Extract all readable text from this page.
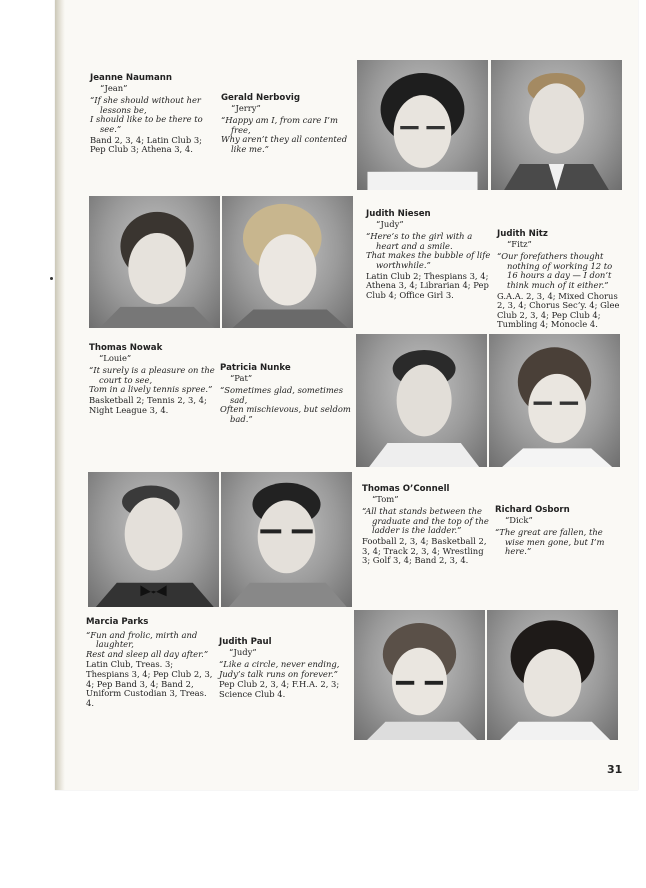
Jeanne Naumann
“Jean”
“If she should without her lessons be,
I should like to be there to see.”
Band 2, 3, 4; Latin Club 3; Pep Club 3; Athena 3, 4.
Gerald Nerbovig
“Jerry”
“Happy am I, from care I’m free,
Why aren’t they all contented like me.”
Judith Niesen
“Judy”
“Here’s to the girl with a heart and a smile.
That makes the bubble of life worthwhile.”
Latin Club 2; Thespians 3, 4; Athena 3, 4; Librarian 4; Pep Club 4; Office Girl 3.
Judith Nitz
“Fitz”
“Our forefathers thought nothing of working 12 to 16 hours a day — I don’t think much of it either.”
G.A.A. 2, 3, 4; Mixed Chorus 2, 3, 4; Chorus Sec’y. 4; Glee Club 2, 3, 4; Pep Club 4; Tumbling 4; Monocle 4.
Thomas Nowak
“Louie”
“It surely is a pleasure on the court to see,
Tom in a lively tennis spree.”
Basketball 2; Tennis 2, 3, 4; Night League 3, 4.
Patricia Nunke
“Pat”
“Sometimes glad, sometimes sad,
Often mischievous, but seldom bad.”
Thomas O’Connell
“Tom”
“All that stands between the graduate and the top of the ladder is the ladder.”
Football 2, 3, 4; Basketball 2, 3, 4; Track 2, 3, 4; Wrestling 3; Golf 3, 4; Band 2, 3, 4.
Richard Osborn
“Dick”
“The great are fallen, the wise men gone, but I’m here.”
Marcia Parks
“Fun and frolic, mirth and laughter,
Rest and sleep all day after.”
Latin Club, Treas. 3; Thespians 3, 4; Pep Club 2, 3, 4; Pep Band 3, 4; Band 2, Uniform Custodian 3, Treas. 4.
Judith Paul
“Judy”
“Like a circle, never ending,
Judy’s talk runs on forever.”
Pep Club 2, 3, 4; F.H.A. 2, 3; Science Club 4.
31
